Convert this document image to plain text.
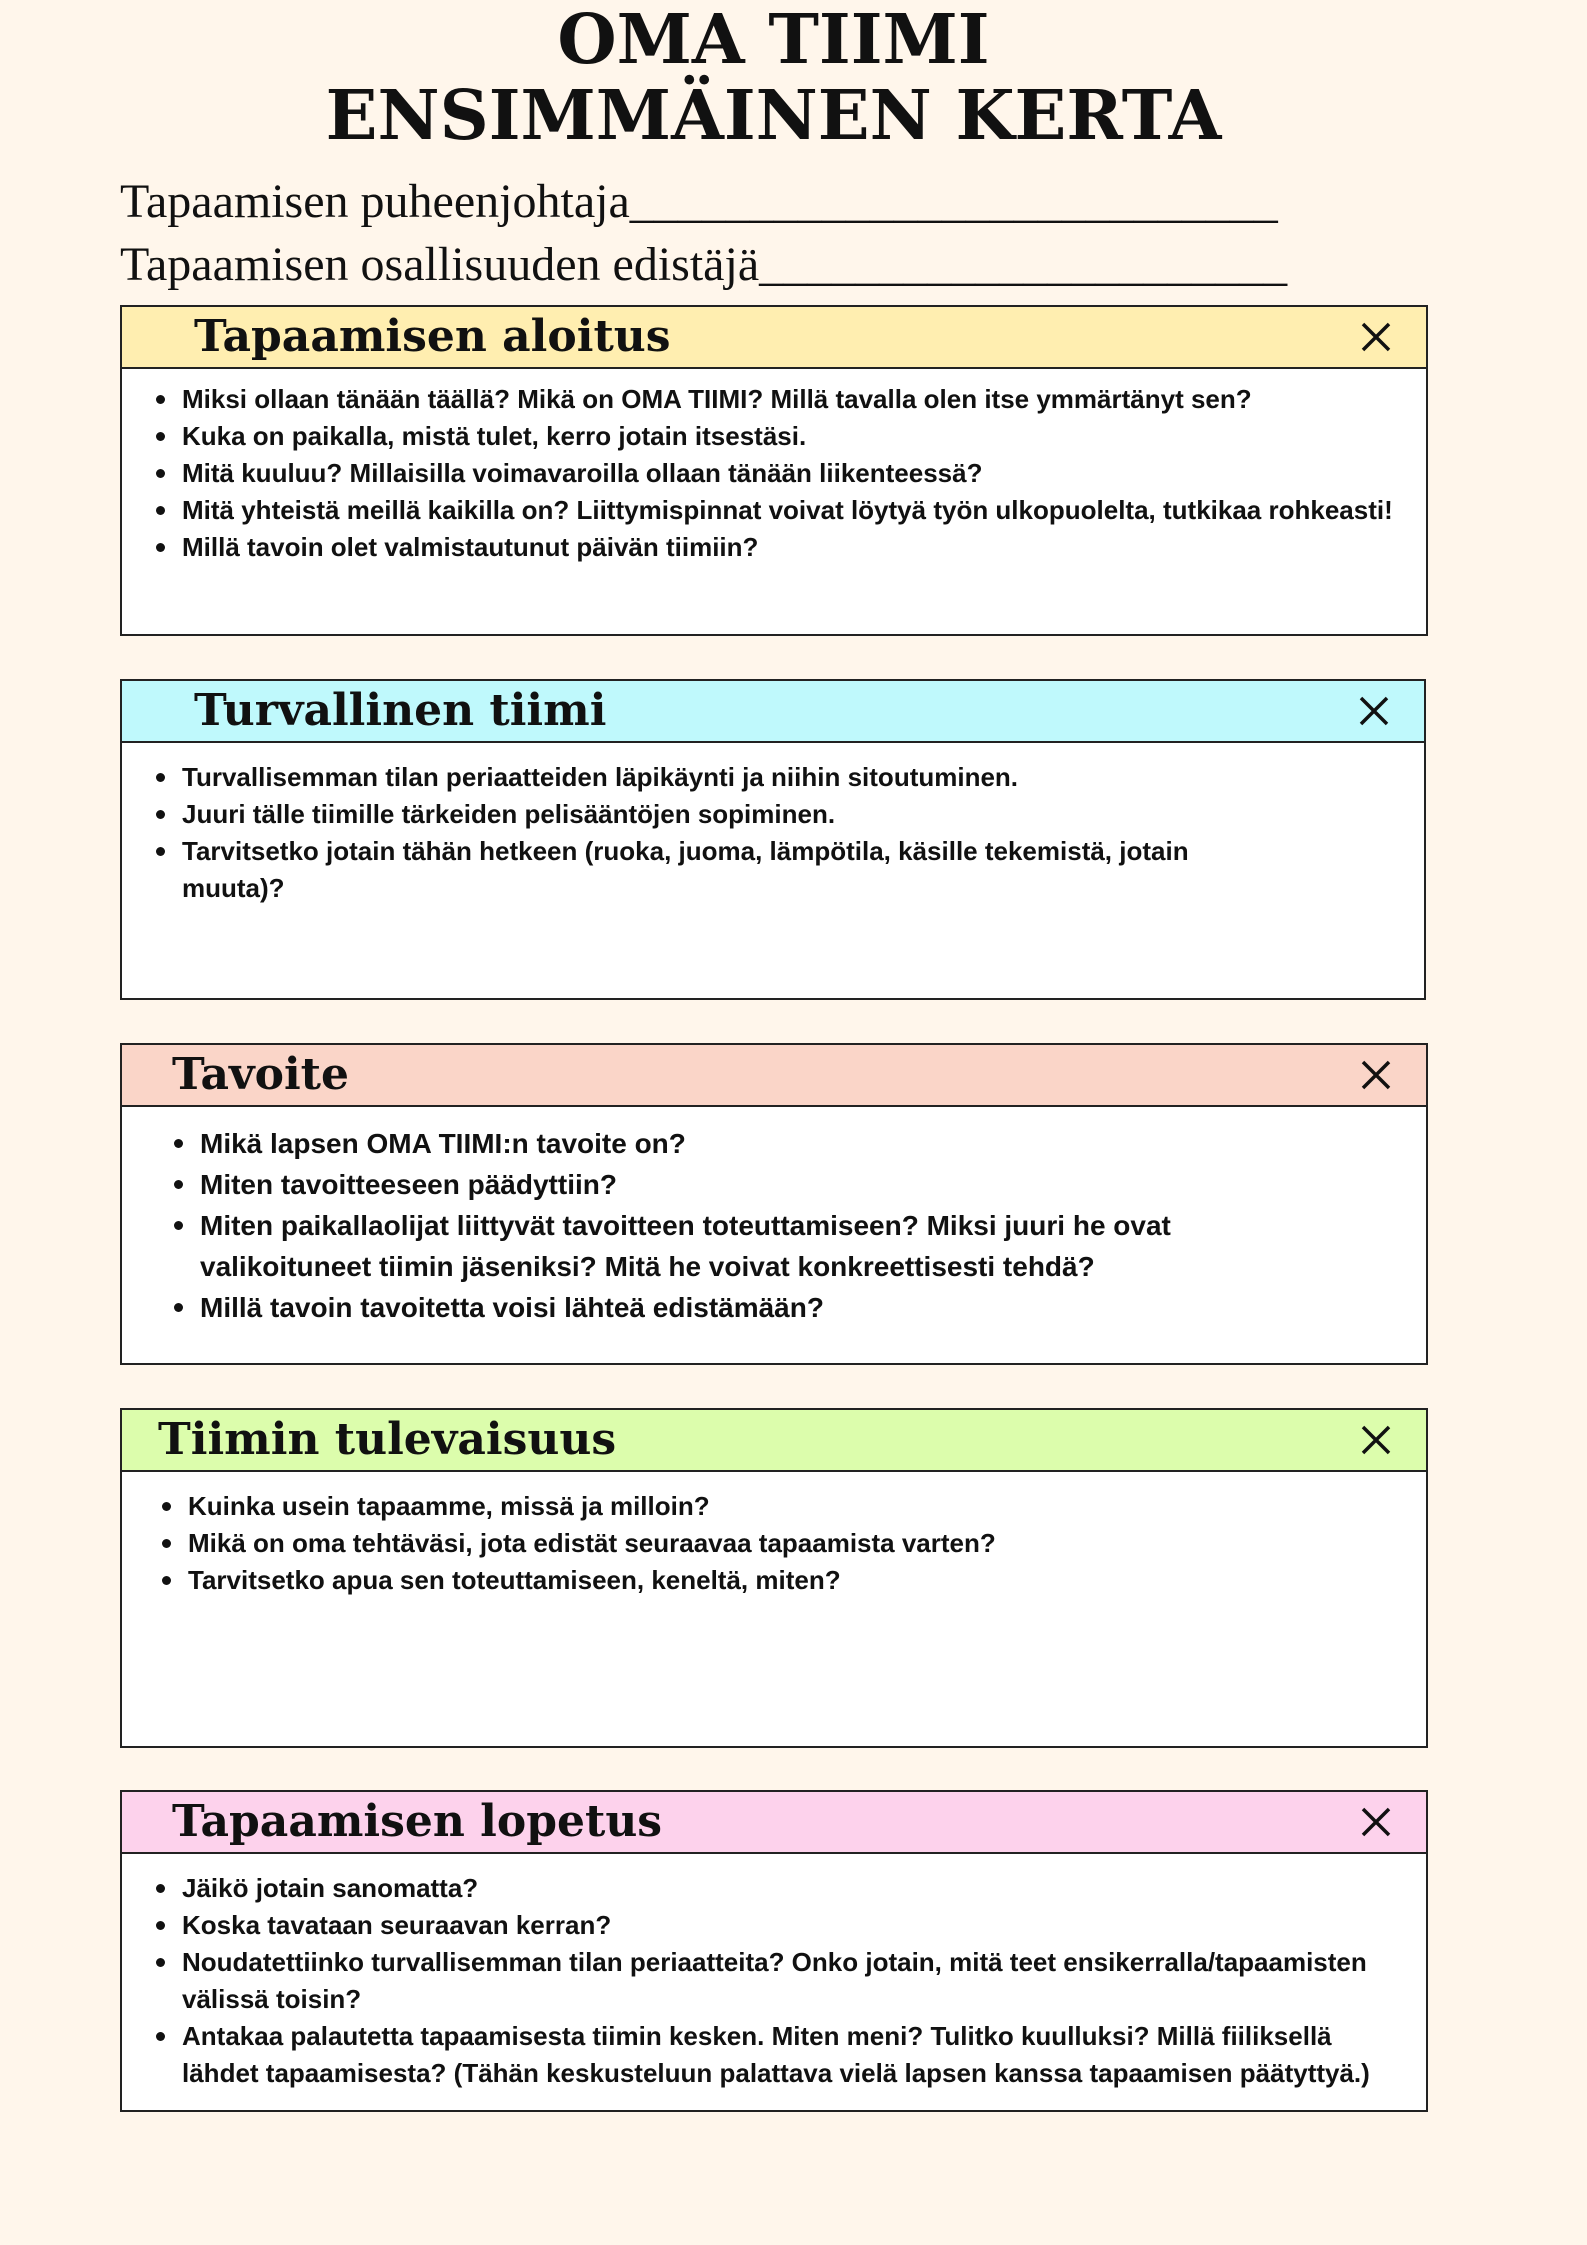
OMA TIIMI
ENSIMMÄINEN KERTA
Tapaamisen puheenjohtaja___________________________
Tapaamisen osallisuuden edistäjä______________________
Tapaamisen aloitus
Miksi ollaan tänään täällä? Mikä on OMA TIIMI? Millä tavalla olen itse ymmärtänyt sen?
Kuka on paikalla, mistä tulet, kerro jotain itsestäsi.
Mitä kuuluu? Millaisilla voimavaroilla ollaan tänään liikenteessä?
Mitä yhteistä meillä kaikilla on? Liittymispinnat voivat löytyä työn ulkopuolelta, tutkikaa rohkeasti!
Millä tavoin olet valmistautunut päivän tiimiin?
Turvallinen tiimi
Turvallisemman tilan periaatteiden läpikäynti ja niihin sitoutuminen.
Juuri tälle tiimille tärkeiden pelisääntöjen sopiminen.
Tarvitsetko jotain tähän hetkeen (ruoka, juoma, lämpötila, käsille tekemistä, jotain muuta)?
Tavoite
Mikä lapsen OMA TIIMI:n tavoite on?
Miten tavoitteeseen päädyttiin?
Miten paikallaolijat liittyvät tavoitteen toteuttamiseen? Miksi juuri he ovat valikoituneet tiimin jäseniksi? Mitä he voivat konkreettisesti tehdä?
Millä tavoin tavoitetta voisi lähteä edistämään?
Tiimin tulevaisuus
Kuinka usein tapaamme, missä ja milloin?
Mikä on oma tehtäväsi, jota edistät seuraavaa tapaamista varten?
Tarvitsetko apua sen toteuttamiseen, keneltä, miten?
Tapaamisen lopetus
Jäikö jotain sanomatta?
Koska tavataan seuraavan kerran?
Noudatettiinko turvallisemman tilan periaatteita? Onko jotain, mitä teet ensikerralla/tapaamisten välissä toisin?
Antakaa palautetta tapaamisesta tiimin kesken. Miten meni? Tulitko kuulluksi? Millä fiiliksellä lähdet tapaamisesta? (Tähän keskusteluun palattava vielä lapsen kanssa tapaamisen päätyttyä.)
